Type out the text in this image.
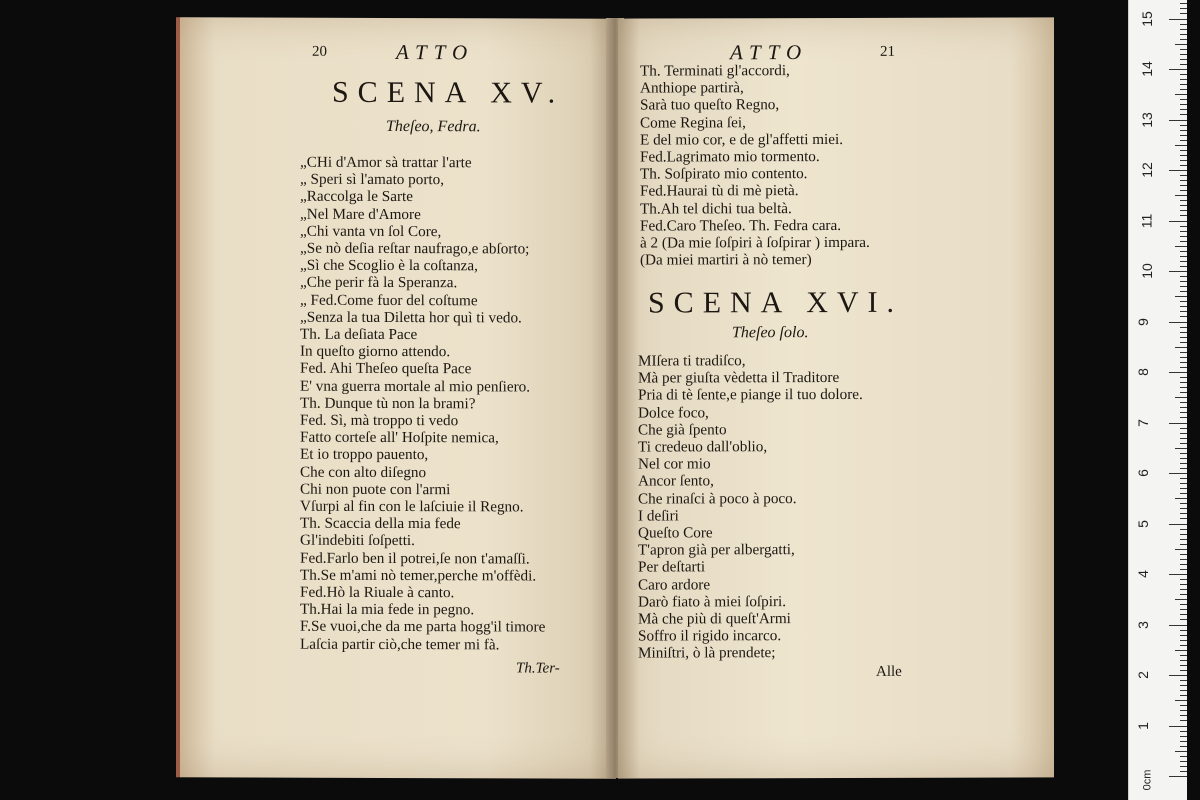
20	ATTO
SCENA XV.
Theſeo, Fedra.
„CHi d'Amor sà trattar l'arte
„ Speri sì l'amato porto,
„Raccolga le Sarte
„Nel Mare d'Amore
„Chi vanta vn ſol Core,
„Se nò deſia reſtar naufrago,e abſorto;
„Sì che Scoglio è la coſtanza,
„Che perir fà la Speranza.
„ Fed.Come fuor del coſtume
„Senza la tua Diletta hor quì ti vedo.
Th. La deſiata Pace
In queſto giorno attendo.
Fed. Ahi Theſeo queſta Pace
E' vna guerra mortale al mio penſiero.
Th. Dunque tù non la brami?
Fed. Sì, mà troppo ti vedo
Fatto corteſe all' Hoſpite nemica,
Et io troppo pauento,
Che con alto diſegno
Chi non puote con l'armi
Vſurpi al fin con le laſciuie il Regno.
Th. Scaccia della mia fede
Gl'indebiti ſoſpetti.
Fed.Farlo ben il potrei,ſe non t'amaſſi.
Th.Se m'ami nò temer,perche m'offèdi.
Fed.Hò la Riuale à canto.
Th.Hai la mia fede in pegno.
F.Se vuoi,che da me parta hogg'il timore
Laſcia partir ciò,che temer mi fà.
Th.Ter-
ATTO	21
Th. Terminati gl'accordi,
Anthiope partirà,
Sarà tuo queſto Regno,
Come Regina ſei,
E del mio cor, e de gl'affetti miei.
Fed.Lagrimato mio tormento.
Th. Soſpirato mio contento.
Fed.Haurai tù di mè pietà.
Th.Ah tel dichi tua beltà.
Fed.Caro Theſeo. Th. Fedra cara.
à 2 (Da mie ſoſpiri à ſoſpirar ) impara.
(Da miei martiri à nò temer)
SCENA XVI.
Theſeo ſolo.
MIſera ti tradiſco,
Mà per giuſta vèdetta il Traditore
Pria di tè ſente,e piange il tuo dolore.
Dolce foco,
Che già ſpento
Ti credeuo dall'oblio,
Nel cor mio
Ancor ſento,
Che rinaſci à poco à poco.
I deſiri
Queſto Core
T'apron già per albergatti,
Per deſtarti
Caro ardore
Darò fiato à miei ſoſpiri.
Mà che più di queſt'Armi
Soffro il rigido incarco.
Miniſtri, ò là prendete;
Alle
0cm
1
2
3
4
5
6
7
8
9
10
11
12
13
14
15
